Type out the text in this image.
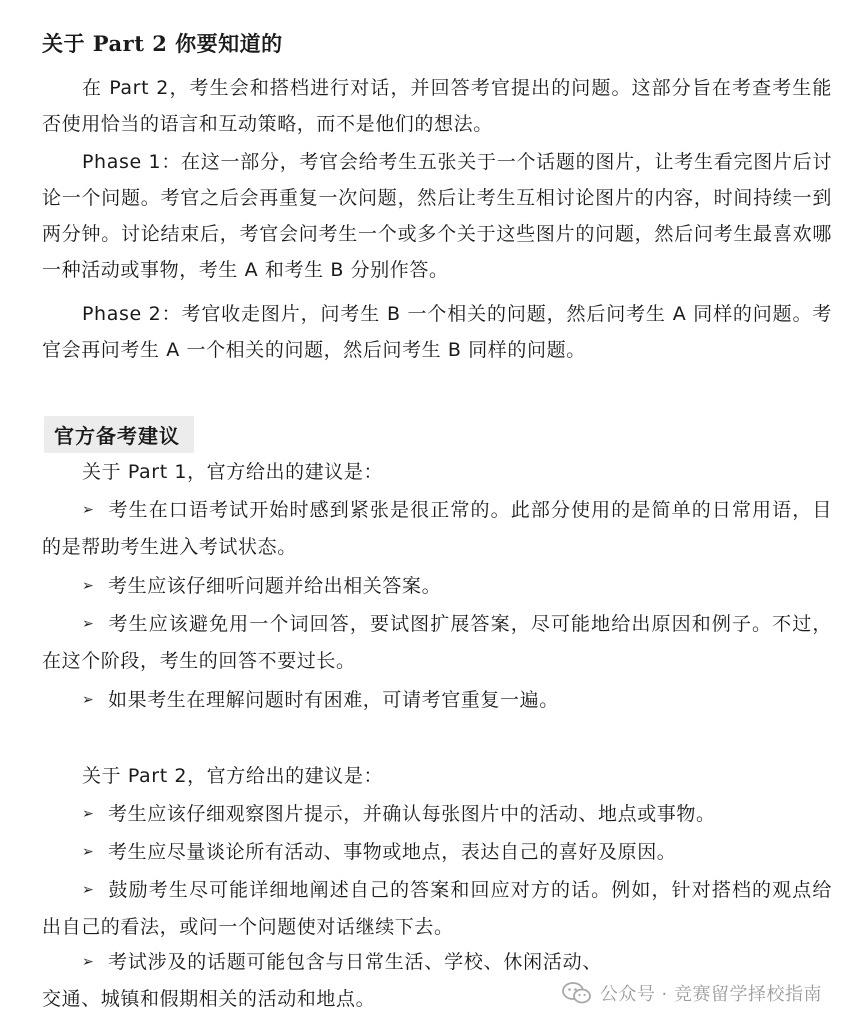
关于 Part 2 你要知道的

在 Part 2，考生会和搭档进行对话，并回答考官提出的问题。这部分旨在考查考生能否使用恰当的语言和互动策略，而不是他们的想法。

Phase 1：在这一部分，考官会给考生五张关于一个话题的图片，让考生看完图片后讨论一个问题。考官之后会再重复一次问题，然后让考生互相讨论图片的内容，时间持续一到两分钟。讨论结束后，考官会问考生一个或多个关于这些图片的问题，然后问考生最喜欢哪一种活动或事物，考生 A 和考生 B 分别作答。

Phase 2：考官收走图片，问考生 B 一个相关的问题，然后问考生 A 同样的问题。考官会再问考生 A 一个相关的问题，然后问考生 B 同样的问题。

官方备考建议

关于 Part 1，官方给出的建议是：

➢ 考生在口语考试开始时感到紧张是很正常的。此部分使用的是简单的日常用语，目的是帮助考生进入考试状态。

➢ 考生应该仔细听问题并给出相关答案。

➢ 考生应该避免用一个词回答，要试图扩展答案，尽可能地给出原因和例子。不过，在这个阶段，考生的回答不要过长。

➢ 如果考生在理解问题时有困难，可请考官重复一遍。

关于 Part 2，官方给出的建议是：

➢ 考生应该仔细观察图片提示，并确认每张图片中的活动、地点或事物。

➢ 考生应尽量谈论所有活动、事物或地点，表达自己的喜好及原因。

➢ 鼓励考生尽可能详细地阐述自己的答案和回应对方的话。例如，针对搭档的观点给出自己的看法，或问一个问题使对话继续下去。

➢ 考试涉及的话题可能包含与日常生活、学校、休闲活动、交通、城镇和假期相关的活动和地点。	公众号 · 竞赛留学择校指南
